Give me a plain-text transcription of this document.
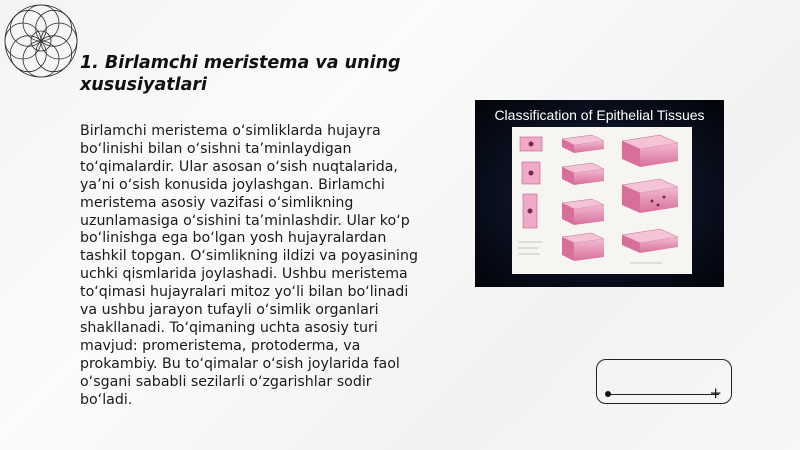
1. Birlamchi meristema va uning xususiyatlari

Birlamchi meristema o‘simliklarda hujayra bo‘linishi bilan o‘sishni ta’minlaydigan to‘qimalardir. Ular asosan o‘sish nuqtalarida, ya’ni o‘sish konusida joylashgan. Birlamchi meristema asosiy vazifasi o‘simlikning uzunlamasiga o‘sishini ta’minlashdir. Ular ko‘p bo‘linishga ega bo‘lgan yosh hujayralardan tashkil topgan. O‘simlikning ildizi va poyasining uchki qismlarida joylashadi. Ushbu meristema to‘qimasi hujayralari mitoz yo‘li bilan bo‘linadi va ushbu jarayon tufayli o‘simlik organlari shakllanadi. To‘qimaning uchta asosiy turi mavjud: promeristema, protoderma, va prokambiy. Bu to‘qimalar o‘sish joylarida faol o‘sgani sababli sezilarli o‘zgarishlar sodir bo‘ladi.

Classification of Epithelial Tissues
+
